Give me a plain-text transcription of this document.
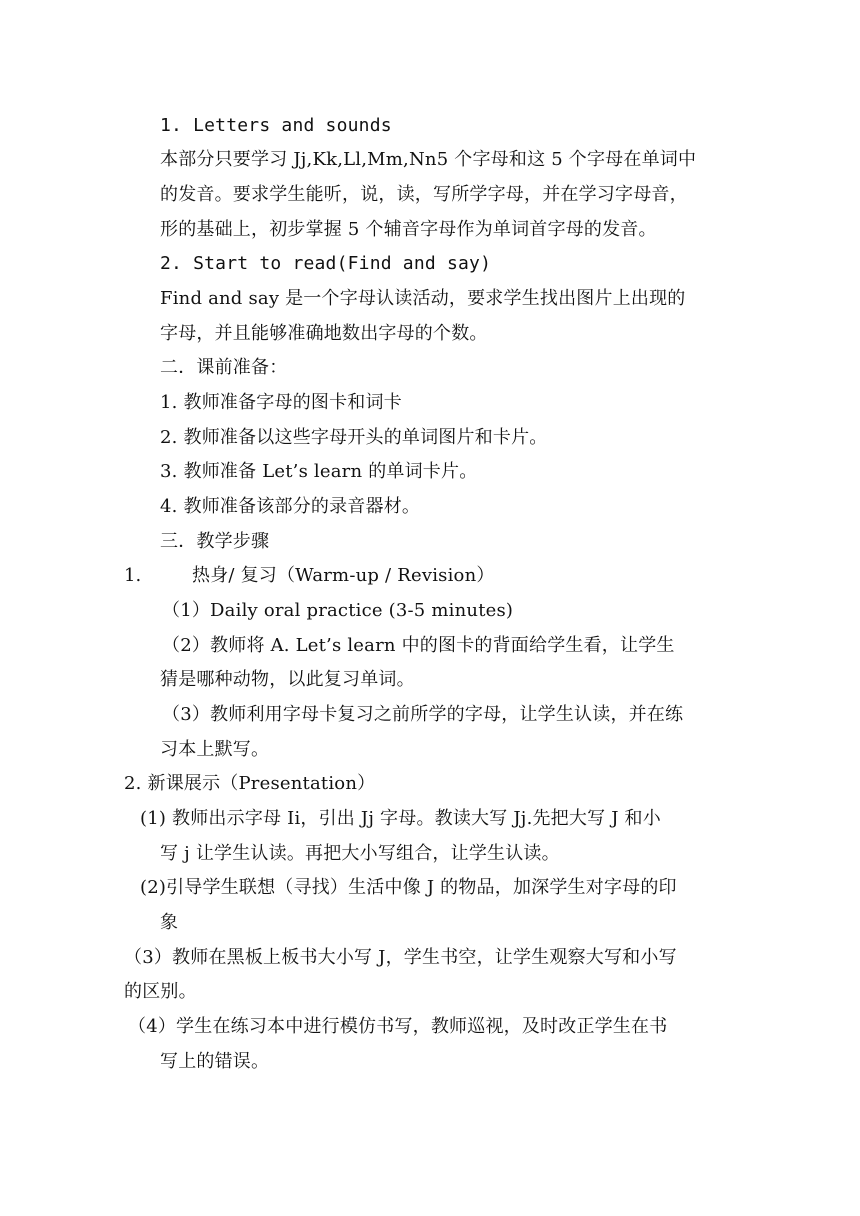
1. Letters and sounds
本部分只要学习 Jj,Kk,Ll,Mm,Nn5 个字母和这 5 个字母在单词中
的发音。要求学生能听，说，读，写所学字母，并在学习字母音，
形的基础上，初步掌握 5 个辅音字母作为单词首字母的发音。
2. Start to read(Find and say)
Find and say 是一个字母认读活动，要求学生找出图片上出现的
字母，并且能够准确地数出字母的个数。
二．课前准备：
1. 教师准备字母的图卡和词卡
2. 教师准备以这些字母开头的单词图片和卡片。
3. 教师准备 Let’s learn 的单词卡片。
4. 教师准备该部分的录音器材。
三．教学步骤
1.	热身/ 复习（Warm-up / Revision）
（1）Daily oral practice (3-5 minutes)
（2）教师将 A. Let’s learn 中的图卡的背面给学生看，让学生
猜是哪种动物，以此复习单词。
（3）教师利用字母卡复习之前所学的字母，让学生认读，并在练
习本上默写。
2. 新课展示（Presentation）
(1) 教师出示字母 Ii，引出 Jj 字母。教读大写 Jj.先把大写 J 和小
写 j 让学生认读。再把大小写组合，让学生认读。
(2)引导学生联想（寻找）生活中像 J 的物品，加深学生对字母的印
象
（3）教师在黑板上板书大小写 J，学生书空，让学生观察大写和小写
的区别。
（4）学生在练习本中进行模仿书写，教师巡视，及时改正学生在书
写上的错误。
